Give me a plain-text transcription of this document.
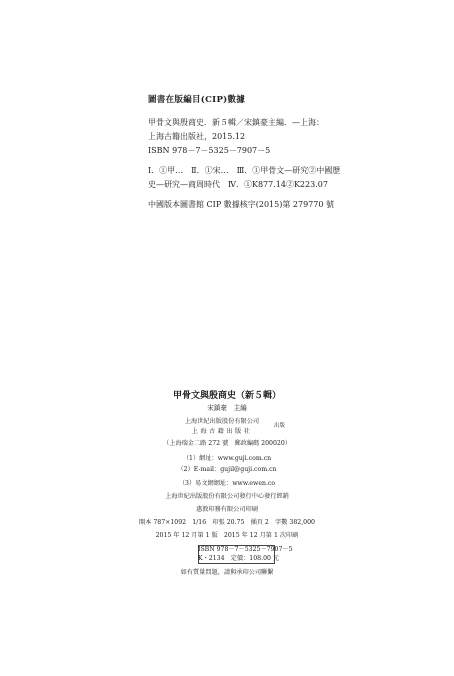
圖書在版編目(CIP)數據
甲骨文與殷商史．新５輯／宋鎮豪主編．—上海：
上海古籍出版社，2015.12
ISBN 978－7－5325－7907－5
Ⅰ．①甲…　Ⅱ．①宋…　Ⅲ．①甲骨文—研究②中國歷
史—研究—商周時代　Ⅳ．①K877.14②K223.07
中國版本圖書館 CIP 數據核字(2015)第 279770 號
甲骨文與殷商史（新５輯）
宋鎮豪　主編
上海世紀出版股份有限公司
上海古籍出版社
出版
（上海瑞金二路 272 號　郵政編碼 200020）
（1）網址：www.guji.com.cn
（2）E-mail：gujil@guji.com.cn
（3）易文網網址：www.ewen.co
上海世紀出版股份有限公司發行中心發行經銷
惠敦印務有限公司印刷
開本 787×1092　1/16　印張 20.75　插頁 2　字數 382,000
2015 年 12 月第 1 版　2015 年 12 月第 1 次印刷
ISBN 978－7－5325－7907－5
K・2134　定價：108.00 元
如有質量問題，請與承印公司聯繫
